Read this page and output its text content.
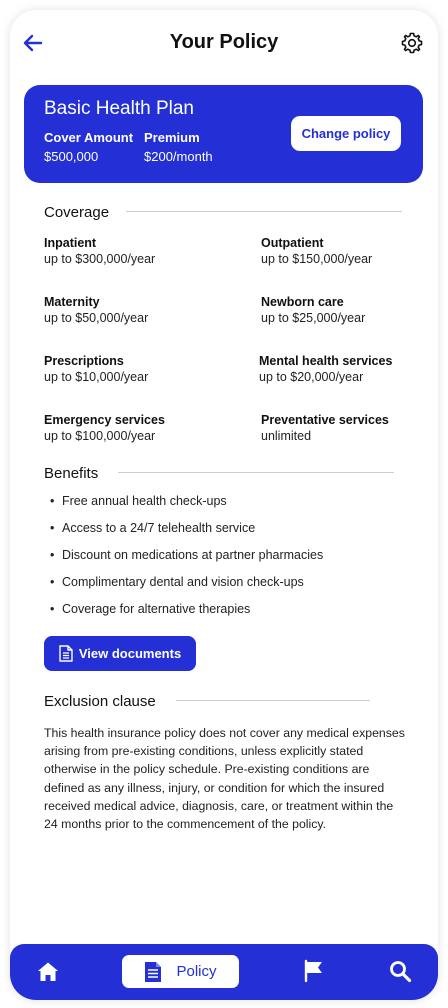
Your Policy
Basic Health Plan
Cover Amount
$500,000
Premium
$200/month
Change policy
Coverage
Inpatient
up to $300,000/year
Outpatient
up to $150,000/year
Maternity
up to $50,000/year
Newborn care
up to $25,000/year
Prescriptions
up to $10,000/year
Mental health services
up to $20,000/year
Emergency services
up to $100,000/year
Preventative services
unlimited
Benefits
• Free annual health check-ups
• Access to a 24/7 telehealth service
• Discount on medications at partner pharmacies
• Complimentary dental and vision check-ups
• Coverage for alternative therapies
View documents
Exclusion clause
This health insurance policy does not cover any medical expenses arising from pre-existing conditions, unless explicitly stated otherwise in the policy schedule. Pre-existing conditions are defined as any illness, injury, or condition for which the insured received medical advice, diagnosis, care, or treatment within the 24 months prior to the commencement of the policy.
Policy
